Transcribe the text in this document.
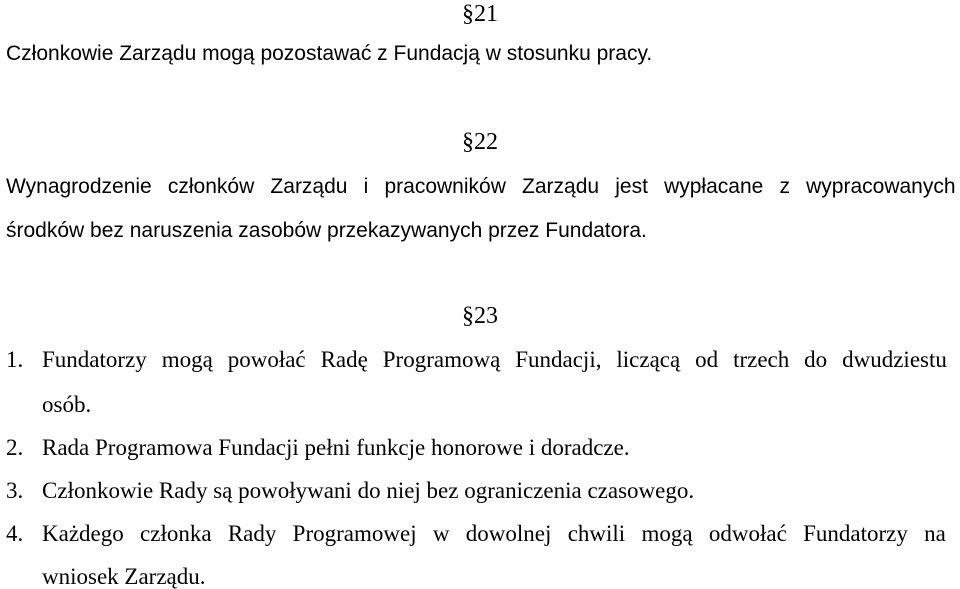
§21
Członkowie Zarządu mogą pozostawać z Fundacją w stosunku pracy.
§22
Wynagrodzenie członków Zarządu i pracowników Zarządu jest wypłacane z wypracowanych
środków bez naruszenia zasobów przekazywanych przez Fundatora.
§23
1. Fundatorzy mogą powołać Radę Programową Fundacji, liczącą od trzech do dwudziestu
osób.
2. Rada Programowa Fundacji pełni funkcje honorowe i doradcze.
3. Członkowie Rady są powoływani do niej bez ograniczenia czasowego.
4. Każdego członka Rady Programowej w dowolnej chwili mogą odwołać Fundatorzy na
wniosek Zarządu.
